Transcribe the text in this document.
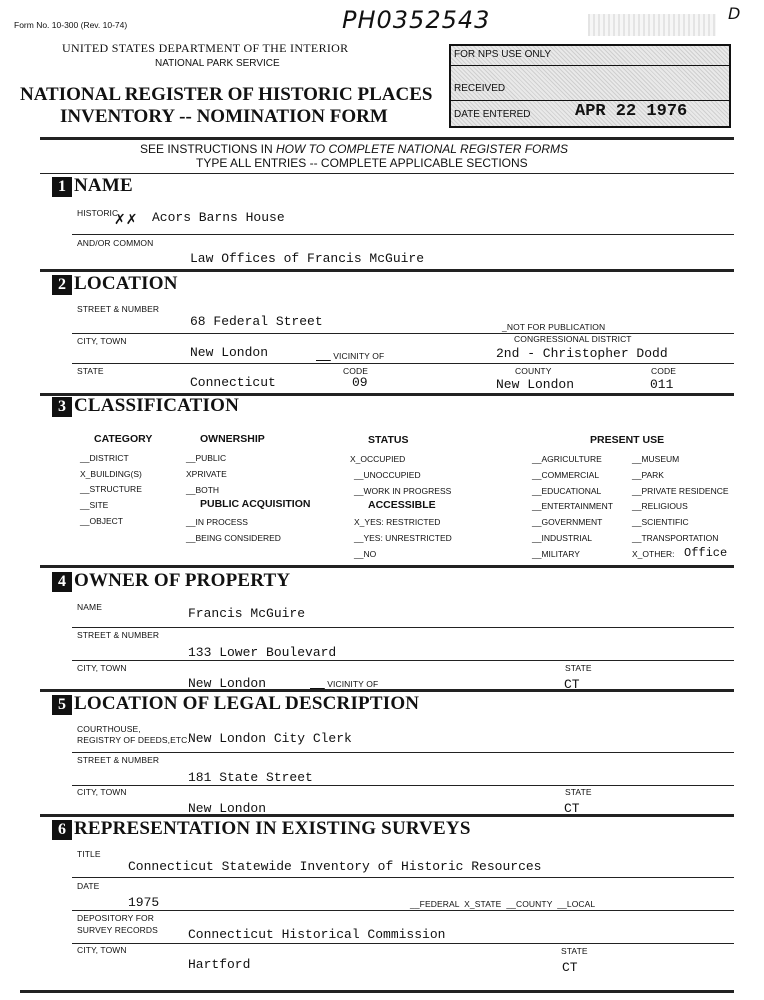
Form No. 10-300 (Rev. 10-74)	PH0352543	D
UNITED STATES DEPARTMENT OF THE INTERIOR
NATIONAL PARK SERVICE
NATIONAL REGISTER OF HISTORIC PLACES
INVENTORY -- NOMINATION FORM
FOR NPS USE ONLY
RECEIVED
DATE ENTERED	APR 22 1976
SEE INSTRUCTIONS IN HOW TO COMPLETE NATIONAL REGISTER FORMS
TYPE ALL ENTRIES -- COMPLETE APPLICABLE SECTIONS
1 NAME
HISTORIC
✗✗ Acors Barns House
AND/OR COMMON
Law Offices of Francis McGuire
2 LOCATION
STREET & NUMBER
68 Federal Street	_NOT FOR PUBLICATION
CITY, TOWN
New London	VICINITY OF
CONGRESSIONAL DISTRICT
2nd - Christopher Dodd
STATE
Connecticut
CODE
09
COUNTY
New London
CODE
011
3 CLASSIFICATION
CATEGORY
__DISTRICT
X_BUILDING(S)
__STRUCTURE
__SITE
__OBJECT
OWNERSHIP
__PUBLIC
XPRIVATE
__BOTH
PUBLIC ACQUISITION
__IN PROCESS
__BEING CONSIDERED
STATUS
X_OCCUPIED
__UNOCCUPIED
__WORK IN PROGRESS
ACCESSIBLE
X_YES: RESTRICTED
__YES: UNRESTRICTED
__NO
PRESENT USE
__AGRICULTURE
__COMMERCIAL
__EDUCATIONAL
__ENTERTAINMENT
__GOVERNMENT
__INDUSTRIAL
__MILITARY
__MUSEUM
__PARK
__PRIVATE RESIDENCE
__RELIGIOUS
__SCIENTIFIC
__TRANSPORTATION
X_OTHER: Office
4 OWNER OF PROPERTY
NAME	Francis McGuire
STREET & NUMBER
133 Lower Boulevard
CITY, TOWN
New London	VICINITY OF
STATE
CT
5 LOCATION OF LEGAL DESCRIPTION
COURTHOUSE,
REGISTRY OF DEEDS,ETC.
New London City Clerk
STREET & NUMBER
181 State Street
CITY, TOWN
New London
STATE
CT
6 REPRESENTATION IN EXISTING SURVEYS
TITLE
Connecticut Statewide Inventory of Historic Resources
DATE
1975	__FEDERAL  X_STATE  __COUNTY  __LOCAL
DEPOSITORY FOR
SURVEY RECORDS Connecticut Historical Commission
CITY, TOWN
Hartford
STATE
CT
